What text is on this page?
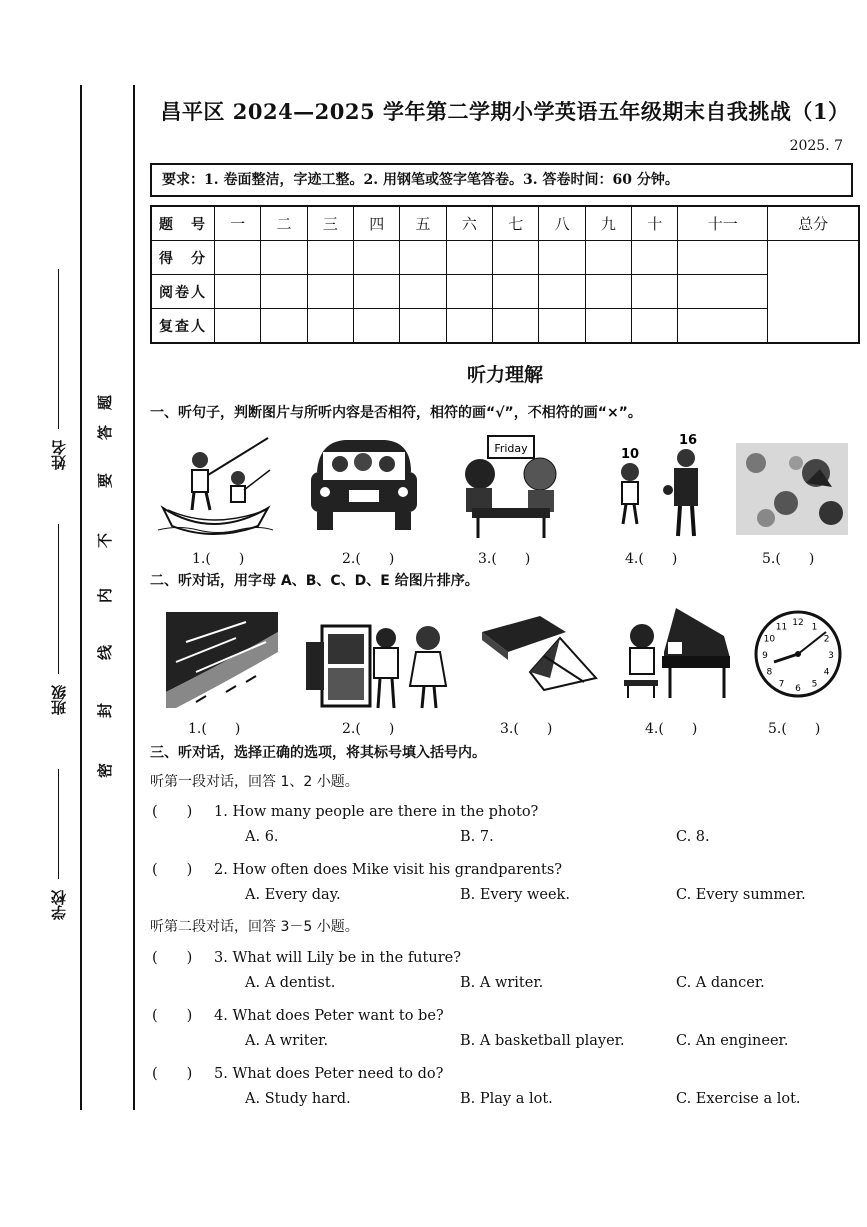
姓名
班级
学校
密
封
线
内
不
要
答
题
昌平区 2024—2025 学年第二学期小学英语五年级期末自我挑战（1）
2025. 7
要求：1. 卷面整洁，字迹工整。2. 用钢笔或签字笔答卷。3. 答卷时间：60 分钟。
题　号	一	二	三	四	五	六	七	八	九	十	十一	总分
得　分												
阅卷人												
复查人												
听力理解
一、听句子，判断图片与所听内容是否相符，相符的画“√”，不相符的画“×”。
Friday	10
16
1.(　　)	2.(　　)	3.(　　)	4.(　　)	5.(　　)
二、听对话，用字母 A、B、C、D、E 给图片排序。
1
2
3
4
5
6
7
8
9
10
11 12
1.(　　)	2.(　　)	3.(　　)	4.(　　)	5.(　　)
三、听对话，选择正确的选项，将其标号填入括号内。
听第一段对话，回答 1、2 小题。
(　　) 1. How many people are there in the photo?
A. 6.	B. 7.	C. 8.
(　　) 2. How often does Mike visit his grandparents?
A. Every day.	B. Every week.	C. Every summer.
听第二段对话，回答 3－5 小题。
(　　) 3. What will Lily be in the future?
A. A dentist.	B. A writer.	C. A dancer.
(　　) 4. What does Peter want to be?
A. A writer.	B. A basketball player.	C. An engineer.
(　　) 5. What does Peter need to do?
A. Study hard.	B. Play a lot.	C. Exercise a lot.
